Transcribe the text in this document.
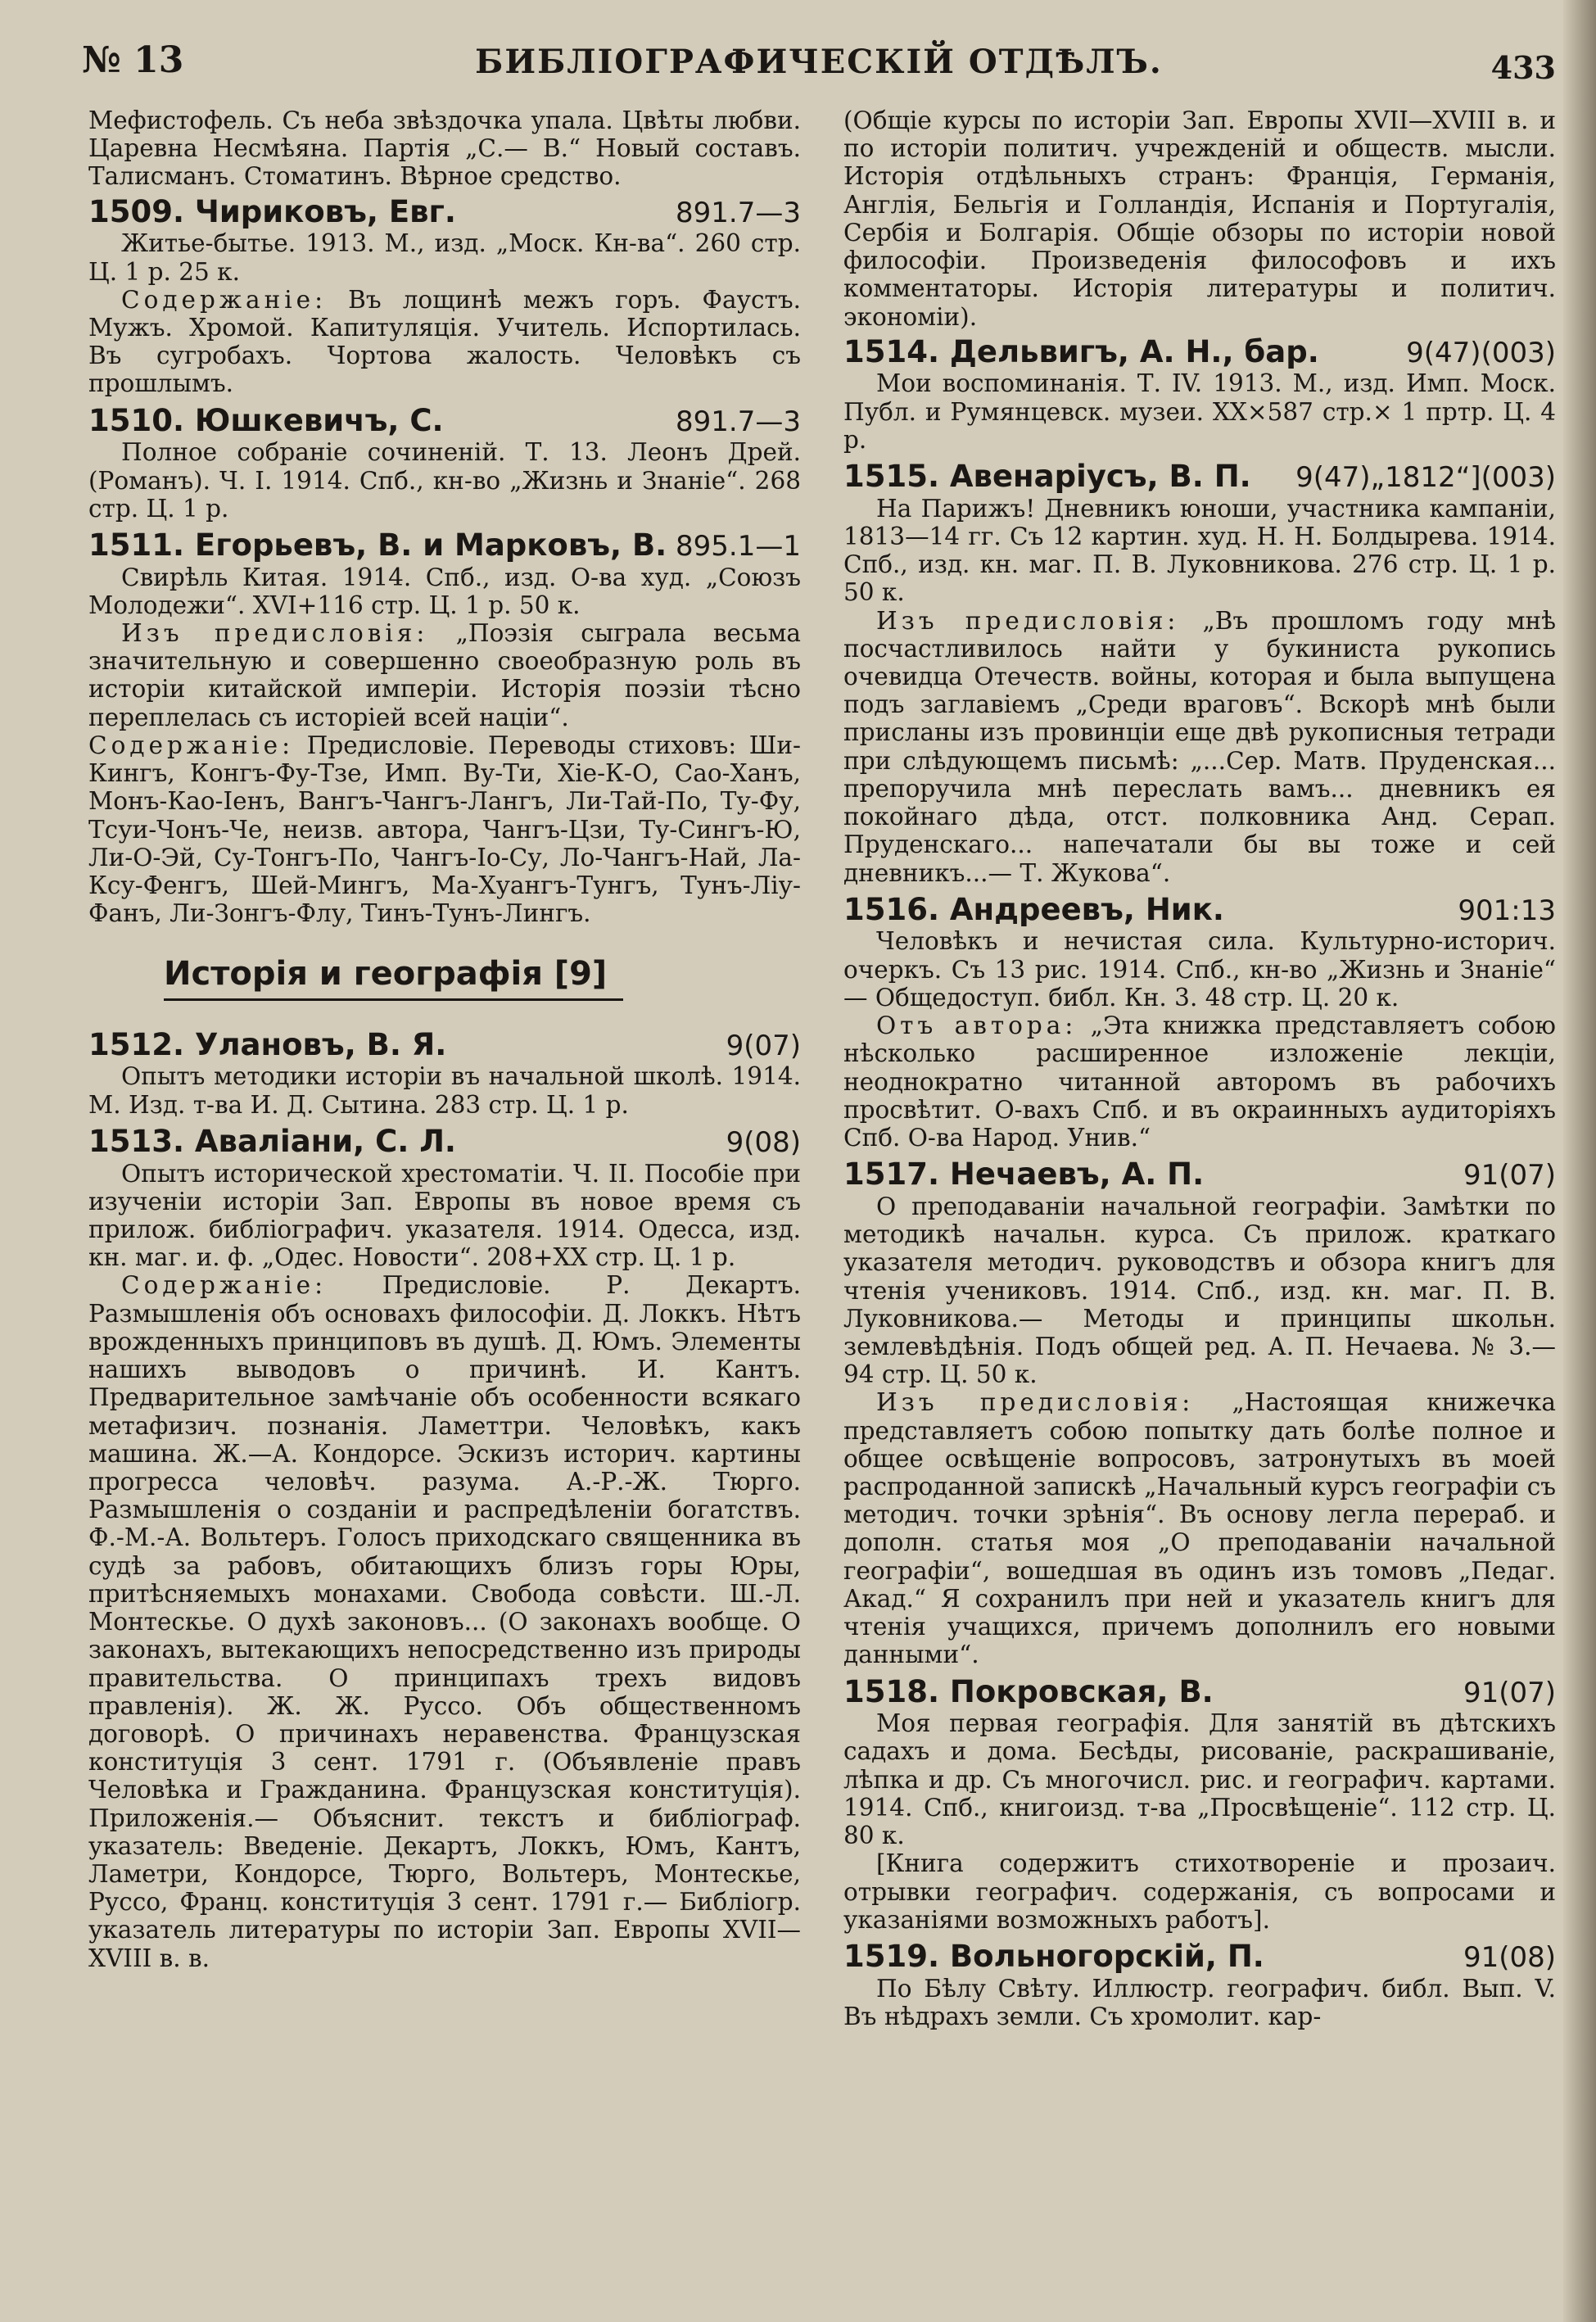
№ 13	БИБЛІОГРАФИЧЕСКІЙ ОТДѢЛЪ.	433

Мефистофель. Съ неба звѣздочка упала. Цвѣты любви. Царевна Несмѣяна. Партія „С.— В.“ Новый составъ. Талисманъ. Стоматинъ. Вѣрное средство.

1509. Чириковъ, Евг.	891.7—3

Житье-бытье. 1913. М., изд. „Моск. Кн-ва“. 260 стр. Ц. 1 р. 25 к.

Содержаніе: Въ лощинѣ межъ горъ. Фаустъ. Мужъ. Хромой. Капитуляція. Учитель. Испортилась. Въ сугробахъ. Чортова жалость. Человѣкъ съ прошлымъ.

1510. Юшкевичъ, С.	891.7—3

Полное собраніе сочиненій. Т. 13. Леонъ Дрей. (Романъ). Ч. I. 1914. Спб., кн-во „Жизнь и Знаніе“. 268 стр. Ц. 1 р.

1511. Егорьевъ, В. и Марковъ, В. 895.1—1

Свирѣль Китая. 1914. Спб., изд. О-ва худ. „Союзъ Молодежи“. XVI+116 стр. Ц. 1 р. 50 к.

Изъ предисловія: „Поэзія сыграла весьма значительную и совершенно своеобразную роль въ исторіи китайской имперіи. Исторія поэзіи тѣсно переплелась съ исторіей всей націи“.

Содержаніе: Предисловіе. Переводы стиховъ: Ши-Кингъ, Конгъ-Фу-Тзе, Имп. Ву-Ти, Хіе-К-О, Сао-Ханъ, Монъ-Као-Іенъ, Вангъ-Чангъ-Лангъ, Ли-Тай-По, Ту-Фу, Тсуи-Чонъ-Че, неизв. автора, Чангъ-Цзи, Ту-Сингъ-Ю, Ли-О-Эй, Су-Тонгъ-По, Чангъ-Іо-Су, Ло-Чангъ-Най, Ла-Ксу-Фенгъ, Шей-Мингъ, Ма-Хуангъ-Тунгъ, Тунъ-Ліу-Фанъ, Ли-Зонгъ-Флу, Тинъ-Тунъ-Лингъ.

Исторія и географія [9]
1512. Улановъ, В. Я.	9(07)

Опытъ методики исторіи въ начальной школѣ. 1914. М. Изд. т-ва И. Д. Сытина. 283 стр. Ц. 1 р.

1513. Аваліани, С. Л.	9(08)

Опытъ исторической хрестоматіи. Ч. II. Пособіе при изученіи исторіи Зап. Европы въ новое время съ прилож. библіографич. указателя. 1914. Одесса, изд. кн. маг. и. ф. „Одес. Новости“. 208+XX стр. Ц. 1 р.

Содержаніе: Предисловіе. Р. Декартъ. Размышленія объ основахъ философіи. Д. Локкъ. Нѣтъ врожденныхъ принциповъ въ душѣ. Д. Юмъ. Элементы нашихъ выводовъ о причинѣ. И. Кантъ. Предварительное замѣчаніе объ особенности всякаго метафизич. познанія. Ламеттри. Человѣкъ, какъ машина. Ж.—А. Кондорсе. Эскизъ историч. картины прогресса человѣч. разума. А.-Р.-Ж. Тюрго. Размышленія о созданіи и распредѣленіи богатствъ. Ф.-М.-А. Вольтеръ. Голосъ приходскаго священника въ судѣ за рабовъ, обитающихъ близъ горы Юры, притѣсняемыхъ монахами. Свобода совѣсти. Ш.-Л. Монтескье. О духѣ законовъ... (О законахъ вообще. О законахъ, вытекающихъ непосредственно изъ природы правительства. О принципахъ трехъ видовъ правленія). Ж. Ж. Руссо. Объ общественномъ договорѣ. О причинахъ неравенства. Французская конституція 3 сент. 1791 г. (Объявленіе правъ Человѣка и Гражданина. Французская конституція). Приложенія.— Объяснит. текстъ и библіограф. указатель: Введеніе. Декартъ, Локкъ, Юмъ, Кантъ, Ламетри, Кондорсе, Тюрго, Вольтеръ, Монтескье, Руссо, Франц. конституція 3 сент. 1791 г.— Библіогр. указатель литературы по исторіи Зап. Европы XVII—XVIII в. в.

(Общіе курсы по исторіи Зап. Европы XVII—XVIII в. и по исторіи политич. учрежденій и обществ. мысли. Исторія отдѣльныхъ странъ: Франція, Германія, Англія, Бельгія и Голландія, Испанія и Португалія, Сербія и Болгарія. Общіе обзоры по исторіи новой философіи. Произведенія философовъ и ихъ комментаторы. Исторія литературы и политич. экономіи).

1514. Дельвигъ, А. Н., бар.	9(47)(003)

Мои воспоминанія. Т. IV. 1913. М., изд. Имп. Моск. Публ. и Румянцевск. музеи. XX×587 стр.× 1 пртр. Ц. 4 р.

1515. Авенаріусъ, В. П. 9(47)„1812“](003)

На Парижъ! Дневникъ юноши, участника кампаніи, 1813—14 гг. Съ 12 картин. худ. Н. Н. Болдырева. 1914. Спб., изд. кн. маг. П. В. Луковникова. 276 стр. Ц. 1 р. 50 к.

Изъ предисловія: „Въ прошломъ году мнѣ посчастливилось найти у букиниста рукопись очевидца Отечеств. войны, которая и была выпущена подъ заглавіемъ „Среди враговъ“. Вскорѣ мнѣ были присланы изъ провинціи еще двѣ рукописныя тетради при слѣдующемъ письмѣ: „...Сер. Матв. Пруденская... препоручила мнѣ переслать вамъ... дневникъ ея покойнаго дѣда, отст. полковника Анд. Серап. Пруденскаго... напечатали бы вы тоже и сей дневникъ...— Т. Жукова“.

1516. Андреевъ, Ник.	901:13

Человѣкъ и нечистая сила. Культурно-историч. очеркъ. Съ 13 рис. 1914. Спб., кн-во „Жизнь и Знаніе“ — Общедоступ. библ. Кн. 3. 48 стр. Ц. 20 к.

Отъ автора: „Эта книжка представляетъ собою нѣсколько расширенное изложеніе лекціи, неоднократно читанной авторомъ въ рабочихъ просвѣтит. О-вахъ Спб. и въ окраинныхъ аудиторіяхъ Спб. О-ва Народ. Унив.“

1517. Нечаевъ, А. П.	91(07)

О преподаваніи начальной географіи. Замѣтки по методикѣ начальн. курса. Съ прилож. краткаго указателя методич. руководствъ и обзора книгъ для чтенія учениковъ. 1914. Спб., изд. кн. маг. П. В. Луковникова.— Методы и принципы школьн. землевѣдѣнія. Подъ общей ред. А. П. Нечаева. № 3.—94 стр. Ц. 50 к.

Изъ предисловія: „Настоящая книжечка представляетъ собою попытку дать болѣе полное и общее освѣщеніе вопросовъ, затронутыхъ въ моей распроданной запискѣ „Начальный курсъ географіи съ методич. точки зрѣнія“. Въ основу легла перераб. и дополн. статья моя „О преподаваніи начальной географіи“, вошедшая въ одинъ изъ томовъ „Педаг. Акад.“ Я сохранилъ при ней и указатель книгъ для чтенія учащихся, причемъ дополнилъ его новыми данными“.

1518. Покровская, В.	91(07)

Моя первая географія. Для занятій въ дѣтскихъ садахъ и дома. Бесѣды, рисованіе, раскрашиваніе, лѣпка и др. Съ многочисл. рис. и географич. картами. 1914. Спб., книгоизд. т-ва „Просвѣщеніе“. 112 стр. Ц. 80 к.

[Книга содержитъ стихотвореніе и прозаич. отрывки географич. содержанія, съ вопросами и указаніями возможныхъ работъ].

1519. Вольногорскій, П.	91(08)

По Бѣлу Свѣту. Иллюстр. географич. библ. Вып. V. Въ нѣдрахъ земли. Съ хромолит. кар-
